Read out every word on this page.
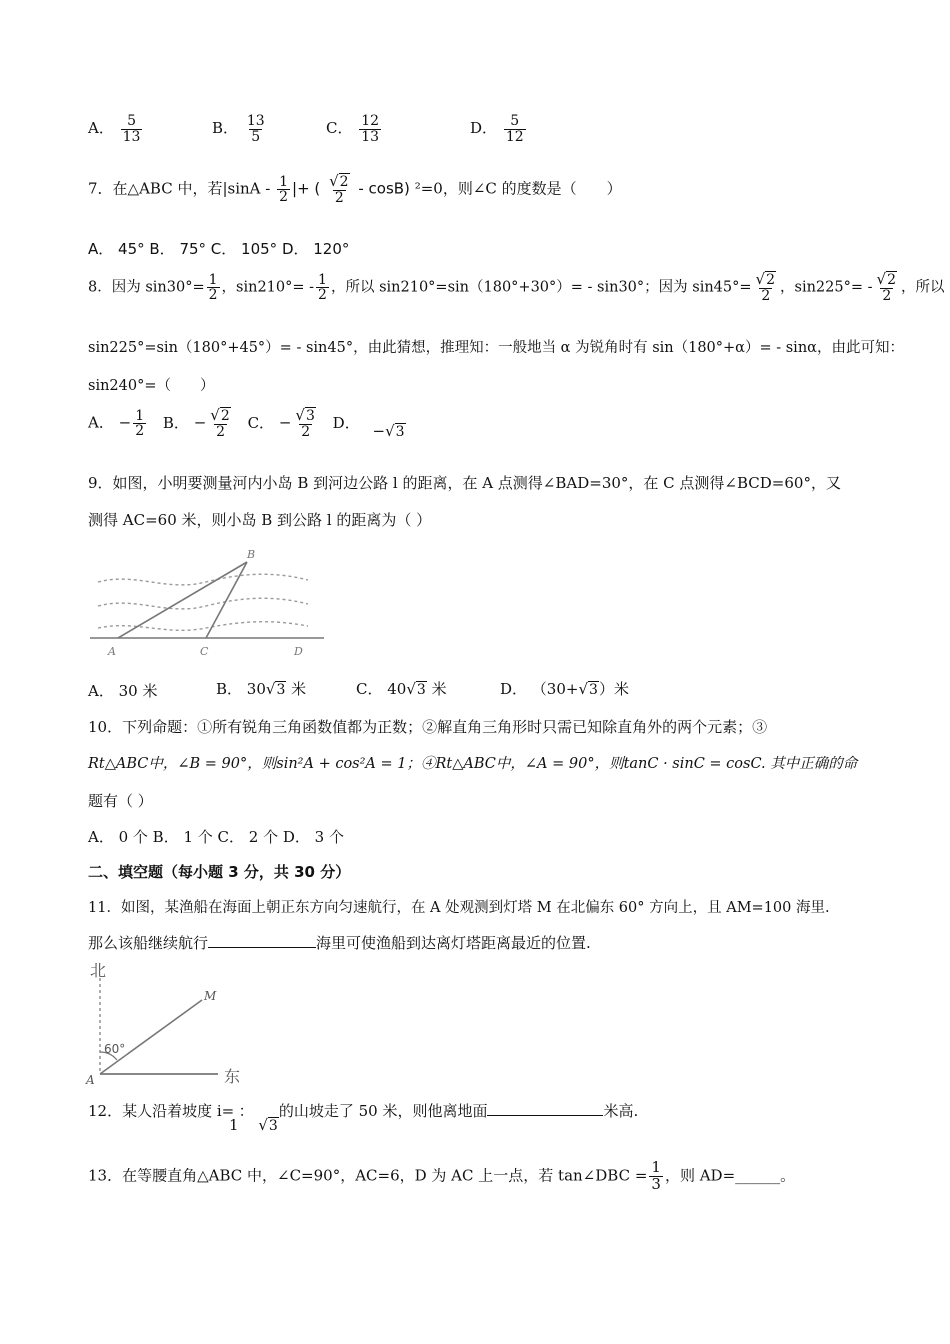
A． $\frac{5}{13}$	B． $\frac{13}{5}$	C． $\frac{12}{13}$	D． $\frac{5}{12}$
7．在△ABC 中，若$|\sin A - \frac{1}{2}$ |+ ( $\frac{√2}{2} - \cos B$) ²=0，则∠C 的度数是（　　）
A． 45° B． 75° C． 105° D． 120°
8．因为 $\sin 30^\circ= \frac{1}{2}$ ，$\sin 210^\circ= - \frac{1}{2}$ ，所以 sin210°=sin（180°+30°）= - sin30°；因为 $\sin 45^\circ= \frac{√2}{2}$ ，$\sin 225^\circ= - \frac{√2}{2}$ ，所以
sin225°=sin（180°+45°）= - sin45°，由此猜想，推理知：一般地当 α 为锐角时有 sin（180°+α）= - sinα，由此可知：
sin240°=（　　）
A． − $\frac{1}{2}$ B． − $\frac{√2}{2}$ C． − $\frac{√3}{2}$ D． −√3
9．如图，小明要测量河内小岛 B 到河边公路 l 的距离，在 A 点测得∠BAD=30°，在 C 点测得∠BCD=60°，又
测得 AC=60 米，则小岛 B 到公路 l 的距离为（ ）
B
A	C	D
A． 30 米	B． 30√3 米	C． 40√3 米	D． （30+√3）米
10．下列命题：①所有锐角三角函数值都为正数；②解直角三角形时只需已知除直角外的两个元素；③
Rt△ABC中，∠B = 90°，则sin²A + cos²A = 1；④Rt△ABC中，∠A = 90°，则tanC · sinC = cosC. 其中正确的命
题有（ ）
A． 0 个 B． 1 个 C． 2 个 D． 3 个
二、填空题（每小题 3 分，共 30 分）
11．如图，某渔船在海面上朝正东方向匀速航行，在 A 处观测到灯塔 M 在北偏东 60° 方向上，且 AM=100 海里.
那么该船继续航行	海里可使渔船到达离灯塔距离最近的位置.
北
东
A
M
60°
12．某人沿着坡度 i= 1： √3的山坡走了 50 米，则他离地面	米高.
13．在等腰直角△ABC 中，∠C=90°，AC=6，D 为 AC 上一点，若 tan∠DBC = $\frac{1}{3}$ ，则 AD=______。
